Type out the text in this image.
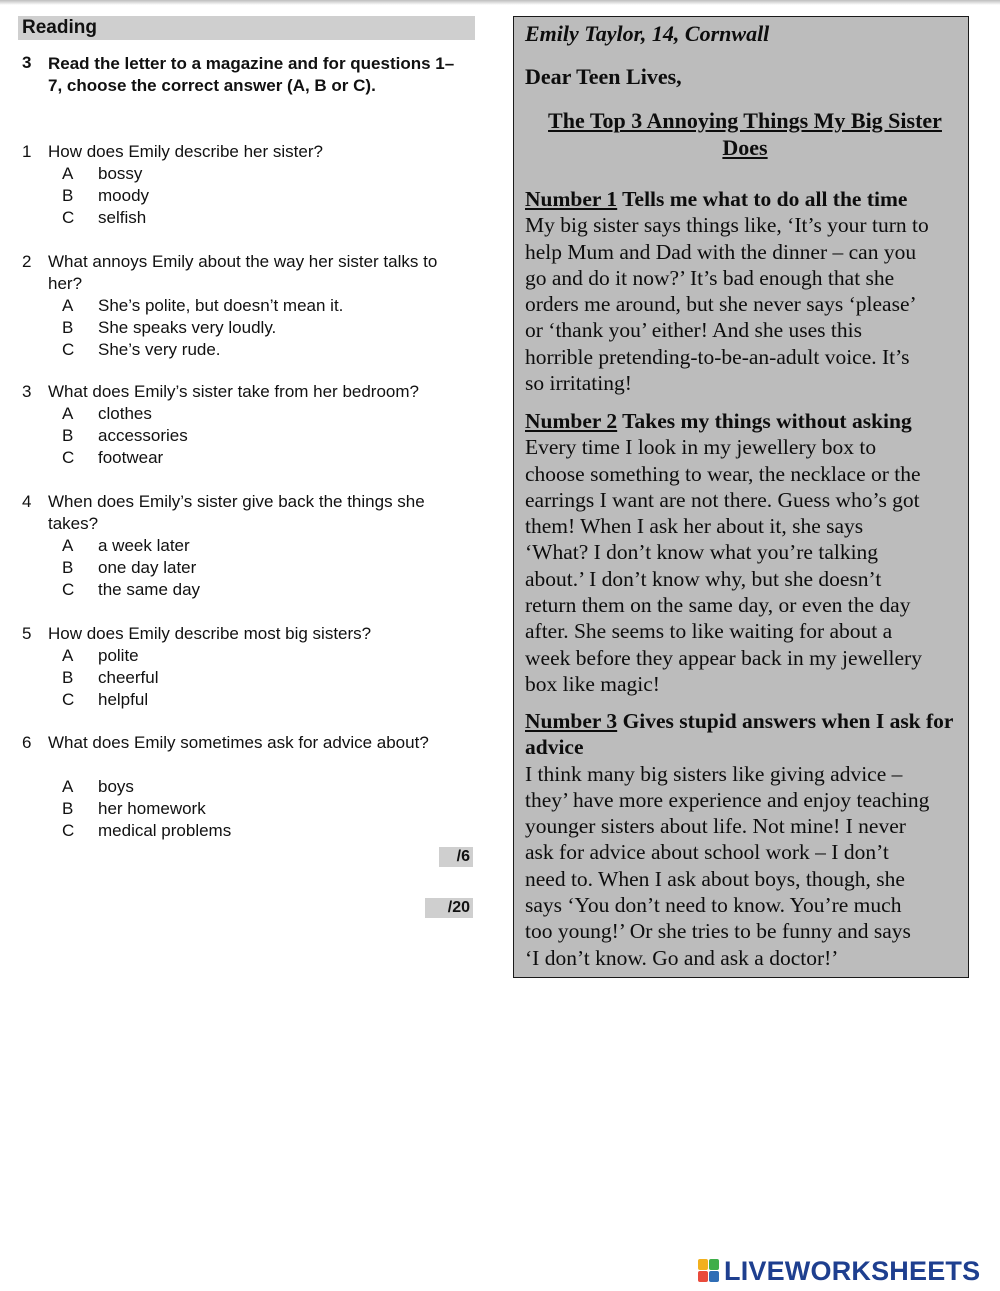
Reading
3 Read the letter to a magazine and for questions 1–7, choose the correct answer (A, B or C).
1 How does Emily describe her sister?
A bossy
B moody
C selfish
2 What annoys Emily about the way her sister talks to her?
A She’s polite, but doesn’t mean it.
B She speaks very loudly.
C She’s very rude.
3 What does Emily’s sister take from her bedroom?
A clothes
B accessories
C footwear
4 When does Emily’s sister give back the things she takes?
A a week later
B one day later
C the same day
5 How does Emily describe most big sisters?
A polite
B cheerful
C helpful
6 What does Emily sometimes ask for advice about?
A boys
B her homework
C medical problems
/6
/20
Emily Taylor, 14, Cornwall
Dear Teen Lives,
The Top 3 Annoying Things My Big Sister Does
Number 1 Tells me what to do all the time
My big sister says things like, ‘It’s your turn to
help Mum and Dad with the dinner – can you
go and do it now?’ It’s bad enough that she
orders me around, but she never says ‘please’
or ‘thank you’ either! And she uses this
horrible pretending-to-be-an-adult voice. It’s
so irritating!
Number 2 Takes my things without asking
Every time I look in my jewellery box to
choose something to wear, the necklace or the
earrings I want are not there. Guess who’s got
them! When I ask her about it, she says
‘What? I don’t know what you’re talking
about.’ I don’t know why, but she doesn’t
return them on the same day, or even the day
after. She seems to like waiting for about a
week before they appear back in my jewellery
box like magic!
Number 3 Gives stupid answers when I ask for advice
I think many big sisters like giving advice –
they’ have more experience and enjoy teaching
younger sisters about life. Not mine! I never
ask for advice about school work – I don’t
need to. When I ask about boys, though, she
says ‘You don’t need to know. You’re much
too young!’ Or she tries to be funny and says
‘I don’t know. Go and ask a doctor!’
LIVEWORKSHEETS
